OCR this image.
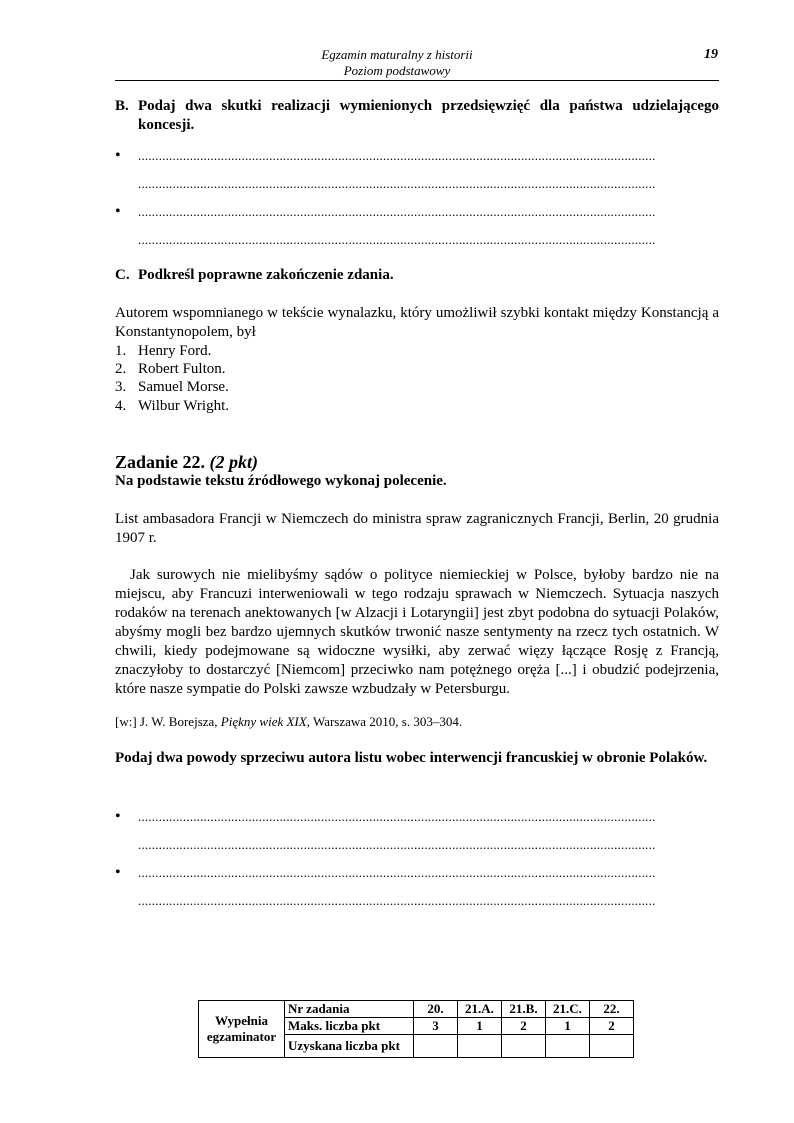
Egzamin maturalny z historii
Poziom podstawowy
19
B. Podaj dwa skutki realizacji wymienionych przedsięwzięć dla państwa udzielającego koncesji.
• ......................................................................................................................................................
......................................................................................................................................................
• ......................................................................................................................................................
......................................................................................................................................................
C. Podkreśl poprawne zakończenie zdania.
Autorem wspomnianego w tekście wynalazku, który umożliwił szybki kontakt między Konstancją a Konstantynopolem, był
1. Henry Ford.
2. Robert Fulton.
3. Samuel Morse.
4. Wilbur Wright.
Zadanie 22. (2 pkt)
Na podstawie tekstu źródłowego wykonaj polecenie.
List ambasadora Francji w Niemczech do ministra spraw zagranicznych Francji, Berlin, 20 grudnia 1907 r.
Jak surowych nie mielibyśmy sądów o polityce niemieckiej w Polsce, byłoby bardzo nie na miejscu, aby Francuzi interweniowali w tego rodzaju sprawach w Niemczech. Sytuacja naszych rodaków na terenach anektowanych [w Alzacji i Lotaryngii] jest zbyt podobna do sytuacji Polaków, abyśmy mogli bez bardzo ujemnych skutków trwonić nasze sentymenty na rzecz tych ostatnich. W chwili, kiedy podejmowane są widoczne wysiłki, aby zerwać więzy łączące Rosję z Francją, znaczyłoby to dostarczyć [Niemcom] przeciwko nam potężnego oręża [...] i obudzić podejrzenia, które nasze sympatie do Polski zawsze wzbudzały w Petersburgu.
[w:] J. W. Borejsza, Piękny wiek XIX, Warszawa 2010, s. 303–304.
Podaj dwa powody sprzeciwu autora listu wobec interwencji francuskiej w obronie Polaków.
• ......................................................................................................................................................
......................................................................................................................................................
• ......................................................................................................................................................
......................................................................................................................................................
Wypełnia
egzaminator	Nr zadania	20.	21.A.	21.B.	21.C.	22.
	Maks. liczba pkt	3	1	2	1	2
	Uzyskana liczba pkt					
